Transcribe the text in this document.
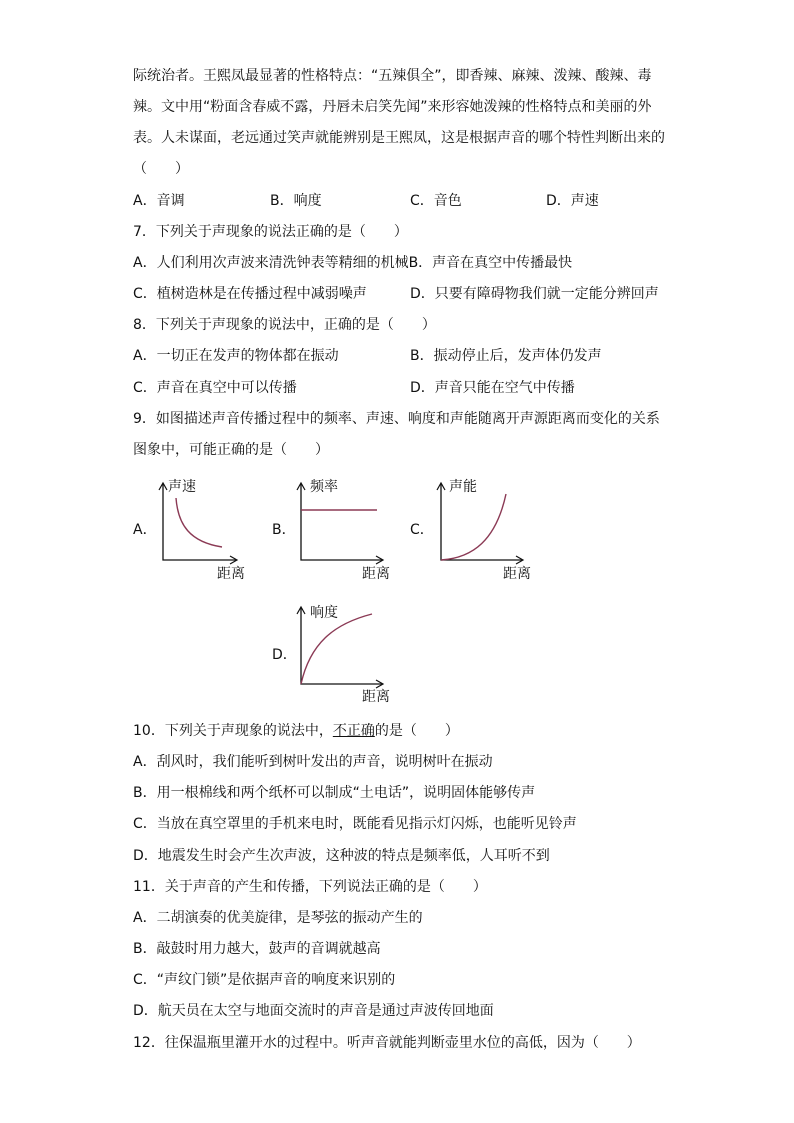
际统治者。王熙凤最显著的性格特点：“五辣俱全”，即香辣、麻辣、泼辣、酸辣、毒
辣。文中用“粉面含春威不露，丹唇未启笑先闻”来形容她泼辣的性格特点和美丽的外
表。人未谋面，老远通过笑声就能辨别是王熙凤，这是根据声音的哪个特性判断出来的
（　　）
A．音调	B．响度	C．音色	D．声速
7．下列关于声现象的说法正确的是（　　）
A．人们利用次声波来清洗钟表等精细的机械B．声音在真空中传播最快
C．植树造林是在传播过程中减弱噪声	D．只要有障碍物我们就一定能分辨回声
8．下列关于声现象的说法中，正确的是（　　）
A．一切正在发声的物体都在振动	B．振动停止后，发声体仍发声
C．声音在真空中可以传播	D．声音只能在空气中传播
9．如图描述声音传播过程中的频率、声速、响度和声能随离开声源距离而变化的关系
图象中，可能正确的是（　　）
A．
声速
距离
B．
频率
距离
C．
声能
距离
D．
响度
距离
10．下列关于声现象的说法中，不正确的是（　　）
A．刮风时，我们能听到树叶发出的声音，说明树叶在振动
B．用一根棉线和两个纸杯可以制成“土电话”，说明固体能够传声
C．当放在真空罩里的手机来电时，既能看见指示灯闪烁，也能听见铃声
D．地震发生时会产生次声波，这种波的特点是频率低，人耳听不到
11．关于声音的产生和传播，下列说法正确的是（　　）
A．二胡演奏的优美旋律，是琴弦的振动产生的
B．敲鼓时用力越大，鼓声的音调就越高
C．“声纹门锁”是依据声音的响度来识别的
D．航天员在太空与地面交流时的声音是通过声波传回地面
12．往保温瓶里灌开水的过程中。听声音就能判断壶里水位的高低，因为（　　）
